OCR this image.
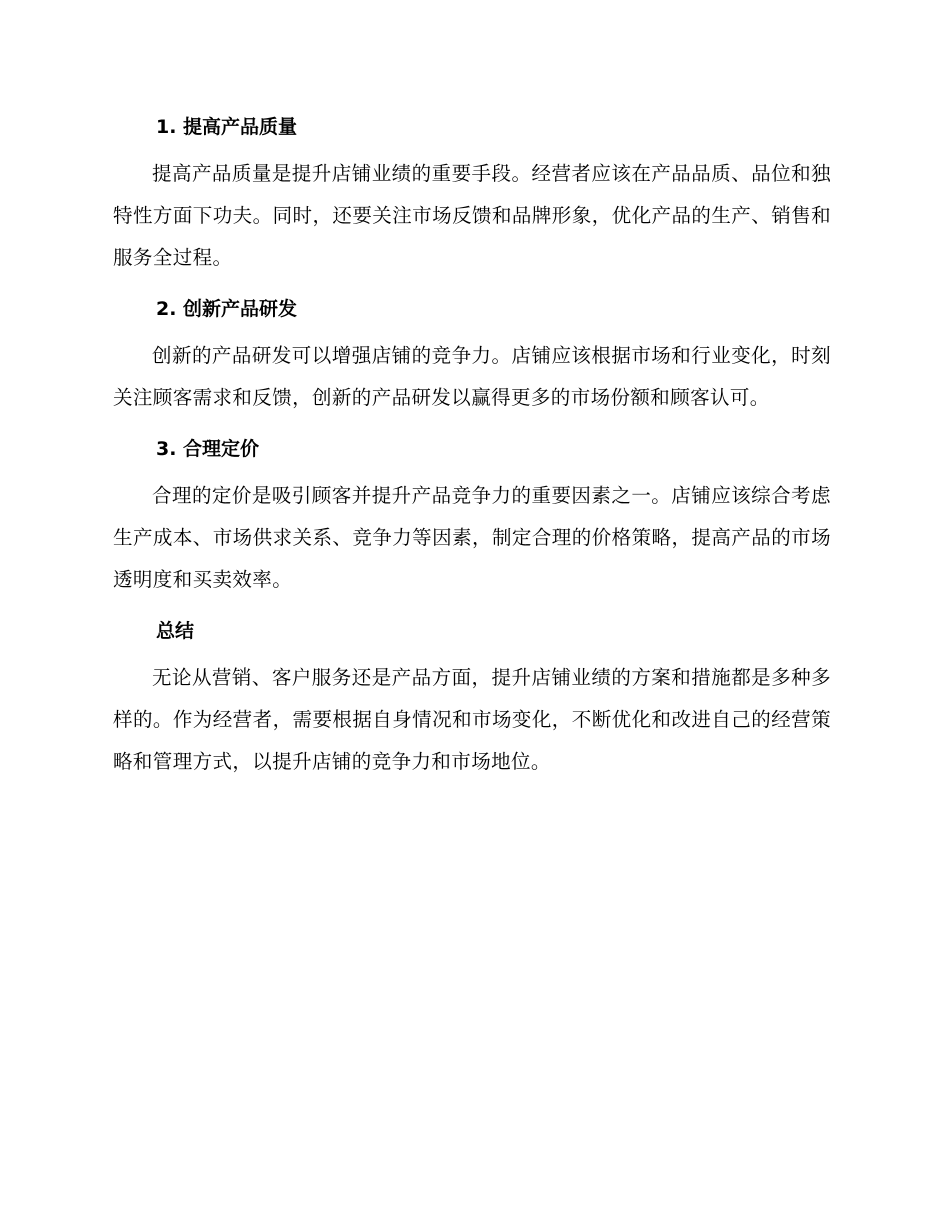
1. 提高产品质量

提高产品质量是提升店铺业绩的重要手段。经营者应该在产品品质、品位和独特性方面下功夫。同时，还要关注市场反馈和品牌形象，优化产品的生产、销售和服务全过程。

2. 创新产品研发

创新的产品研发可以增强店铺的竞争力。店铺应该根据市场和行业变化，时刻关注顾客需求和反馈，创新的产品研发以赢得更多的市场份额和顾客认可。

3. 合理定价

合理的定价是吸引顾客并提升产品竞争力的重要因素之一。店铺应该综合考虑生产成本、市场供求关系、竞争力等因素，制定合理的价格策略，提高产品的市场透明度和买卖效率。

总结

无论从营销、客户服务还是产品方面，提升店铺业绩的方案和措施都是多种多样的。作为经营者，需要根据自身情况和市场变化，不断优化和改进自己的经营策略和管理方式，以提升店铺的竞争力和市场地位。
